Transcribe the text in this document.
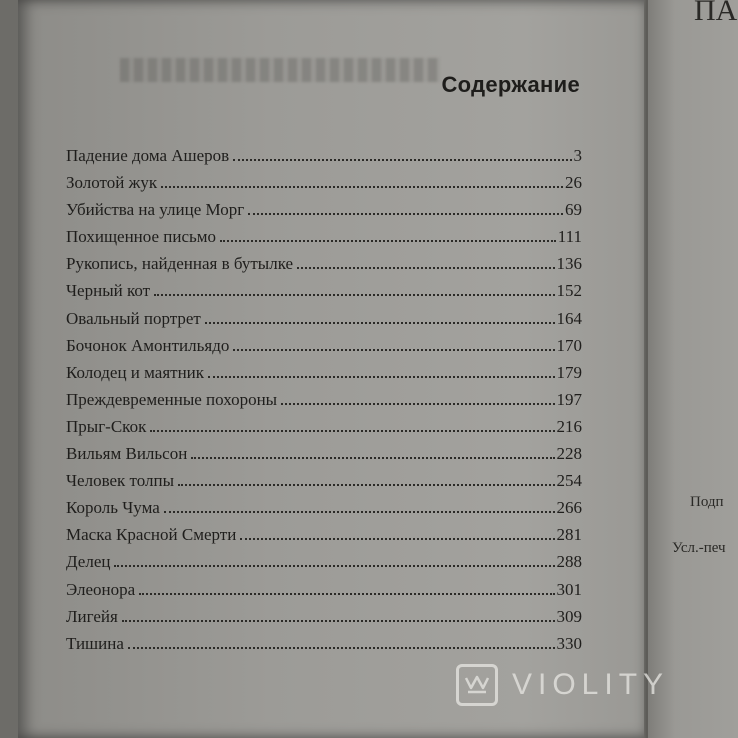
Содержание
Падение дома Ашеров	3
Золотой жук	26
Убийства на улице Морг	69
Похищенное письмо	111
Рукопись, найденная в бутылке	136
Черный кот	152
Овальный портрет	164
Бочонок Амонтильядо	170
Колодец и маятник	179
Преждевременные похороны	197
Прыг-Скок	216
Вильям Вильсон	228
Человек толпы	254
Король Чума	266
Маска Красной Смерти	281
Делец	288
Элеонора	301
Лигейя	309
Тишина	330
ПА
Подп
Усл.-печ
VIOLITY
